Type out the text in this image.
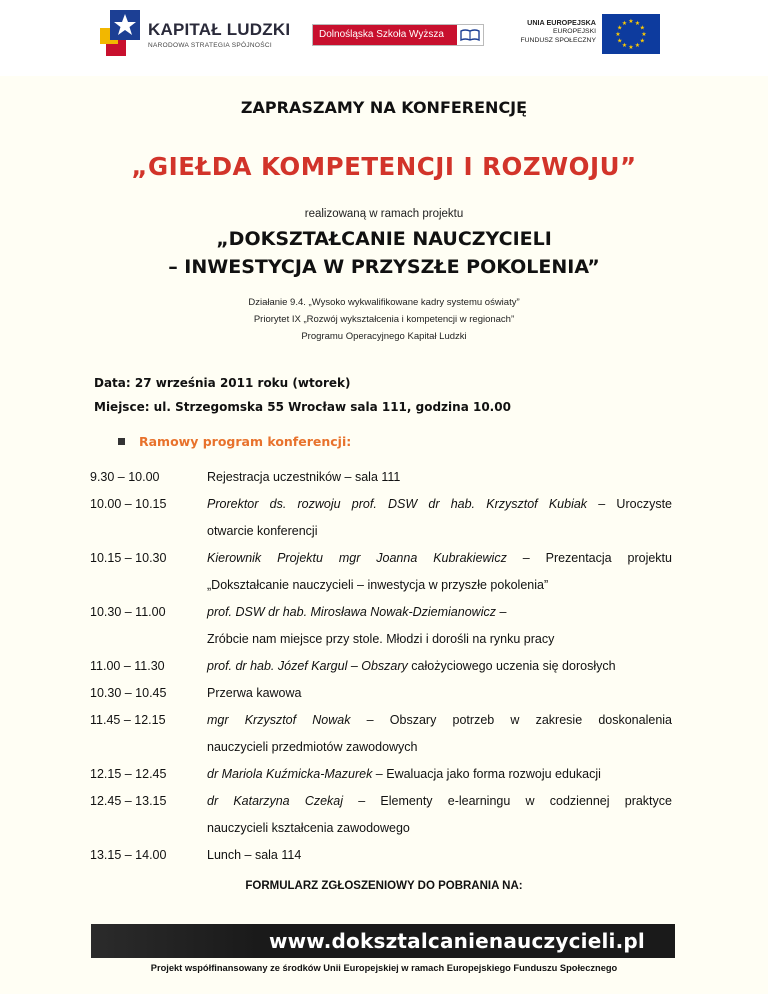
KAPITAŁ LUDZKI
NARODOWA STRATEGIA SPÓJNOŚCI
Dolnośląska Szkoła Wyższa
UNIA EUROPEJSKA
EUROPEJSKI
FUNDUSZ SPOŁECZNY
★ ★
★
★
★
★
★
★
★
★
★
★
ZAPRASZAMY NA KONFERENCJĘ
„GIEŁDA KOMPETENCJI I ROZWOJU”
realizowaną w ramach projektu
„DOKSZTAŁCANIE NAUCZYCIELI
– INWESTYCJA W PRZYSZŁE POKOLENIA”
Działanie 9.4. „Wysoko wykwalifikowane kadry systemu oświaty”
Priorytet IX „Rozwój wykształcenia i kompetencji w regionach”
Programu Operacyjnego Kapitał Ludzki
Data: 27 września 2011 roku (wtorek)
Miejsce: ul. Strzegomska 55 Wrocław sala 111, godzina 10.00
Ramowy program konferencji:
9.30 – 10.00	Rejestracja uczestników – sala 111
10.00 – 10.15	Prorektor ds. rozwoju prof. DSW dr hab. Krzysztof Kubiak – Uroczyste
otwarcie konferencji
10.15 – 10.30	Kierownik Projektu mgr Joanna Kubrakiewicz – Prezentacja projektu
„Dokształcanie nauczycieli – inwestycja w przyszłe pokolenia”
10.30 – 11.00	prof. DSW dr hab. Mirosława Nowak-Dziemianowicz –
Zróbcie nam miejsce przy stole. Młodzi i dorośli na rynku pracy
11.00 – 11.30	prof. dr hab. Józef Kargul – Obszary całożyciowego uczenia się dorosłych
10.30 – 10.45	Przerwa kawowa
11.45 – 12.15	mgr Krzysztof Nowak – Obszary potrzeb w zakresie doskonalenia
nauczycieli przedmiotów zawodowych
12.15 – 12.45	dr Mariola Kuźmicka-Mazurek – Ewaluacja jako forma rozwoju edukacji
12.45 – 13.15	dr Katarzyna Czekaj – Elementy e-learningu w codziennej praktyce
nauczycieli kształcenia zawodowego
13.15 – 14.00	Lunch – sala 114
FORMULARZ ZGŁOSZENIOWY DO POBRANIA NA:
www.doksztalcanienauczycieli.pl
Projekt współfinansowany ze środków Unii Europejskiej w ramach Europejskiego Funduszu Społecznego
